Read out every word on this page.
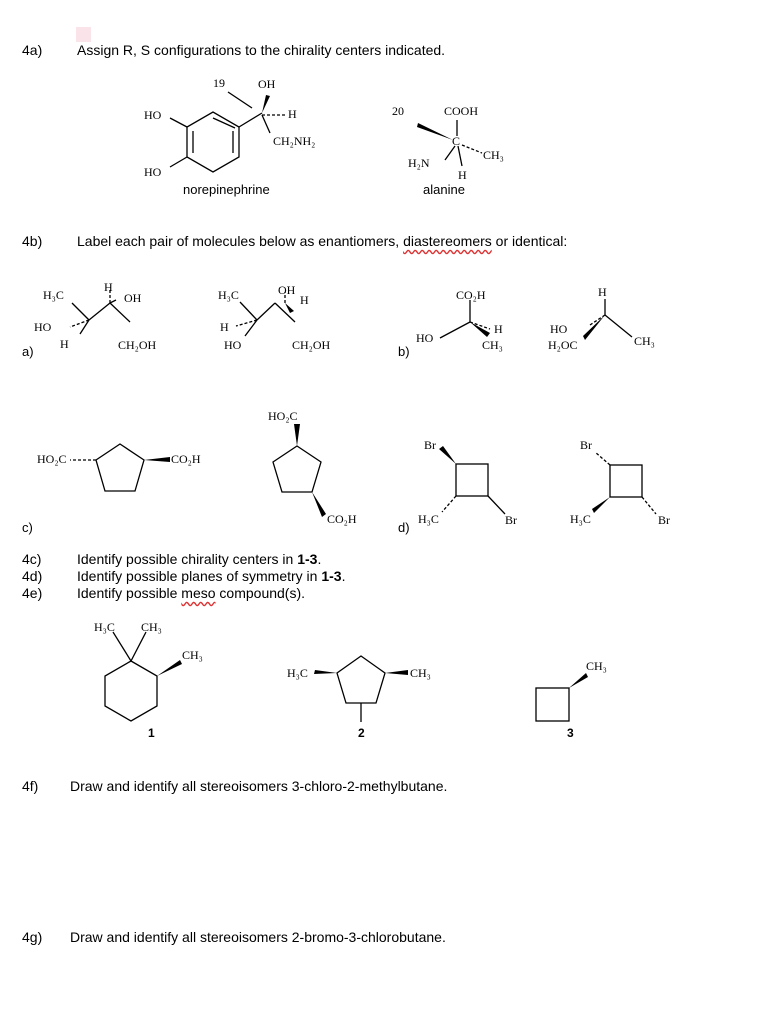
4a) Assign R, S configurations to the chirality centers indicated.
4b) Label each pair of molecules below as enantiomers, diastereomers or identical:
4c)	Identify possible chirality centers in 1-3.
4d) Identify possible planes of symmetry in 1-3.
4e) Identify possible meso compound(s).
4f) Draw and identify all stereoisomers 3-chloro-2-methylbutane.
4g) Draw and identify all stereoisomers 2-bromo-3-chlorobutane.
19	OH
H
CH₂NH₂
HO
HO
norepinephrine
20	COOH
C
CH₃
H₂N
H
alanine
H₃C
H
OH
HO
H	CH₂OH
a)
H₃C	OH
H
H
HO	CH₂OH
CO₂H
HO
H
CH₃
b)
H
HO
H₂OC	CH₃
HO₂C	CO₂H
HO₂C
CO₂H
c)
Br
H₃C	Br
d)
Br
H₃C	Br
H₃C CH₃
CH₃
1
H₃C	CH₃
2
CH₃
3
